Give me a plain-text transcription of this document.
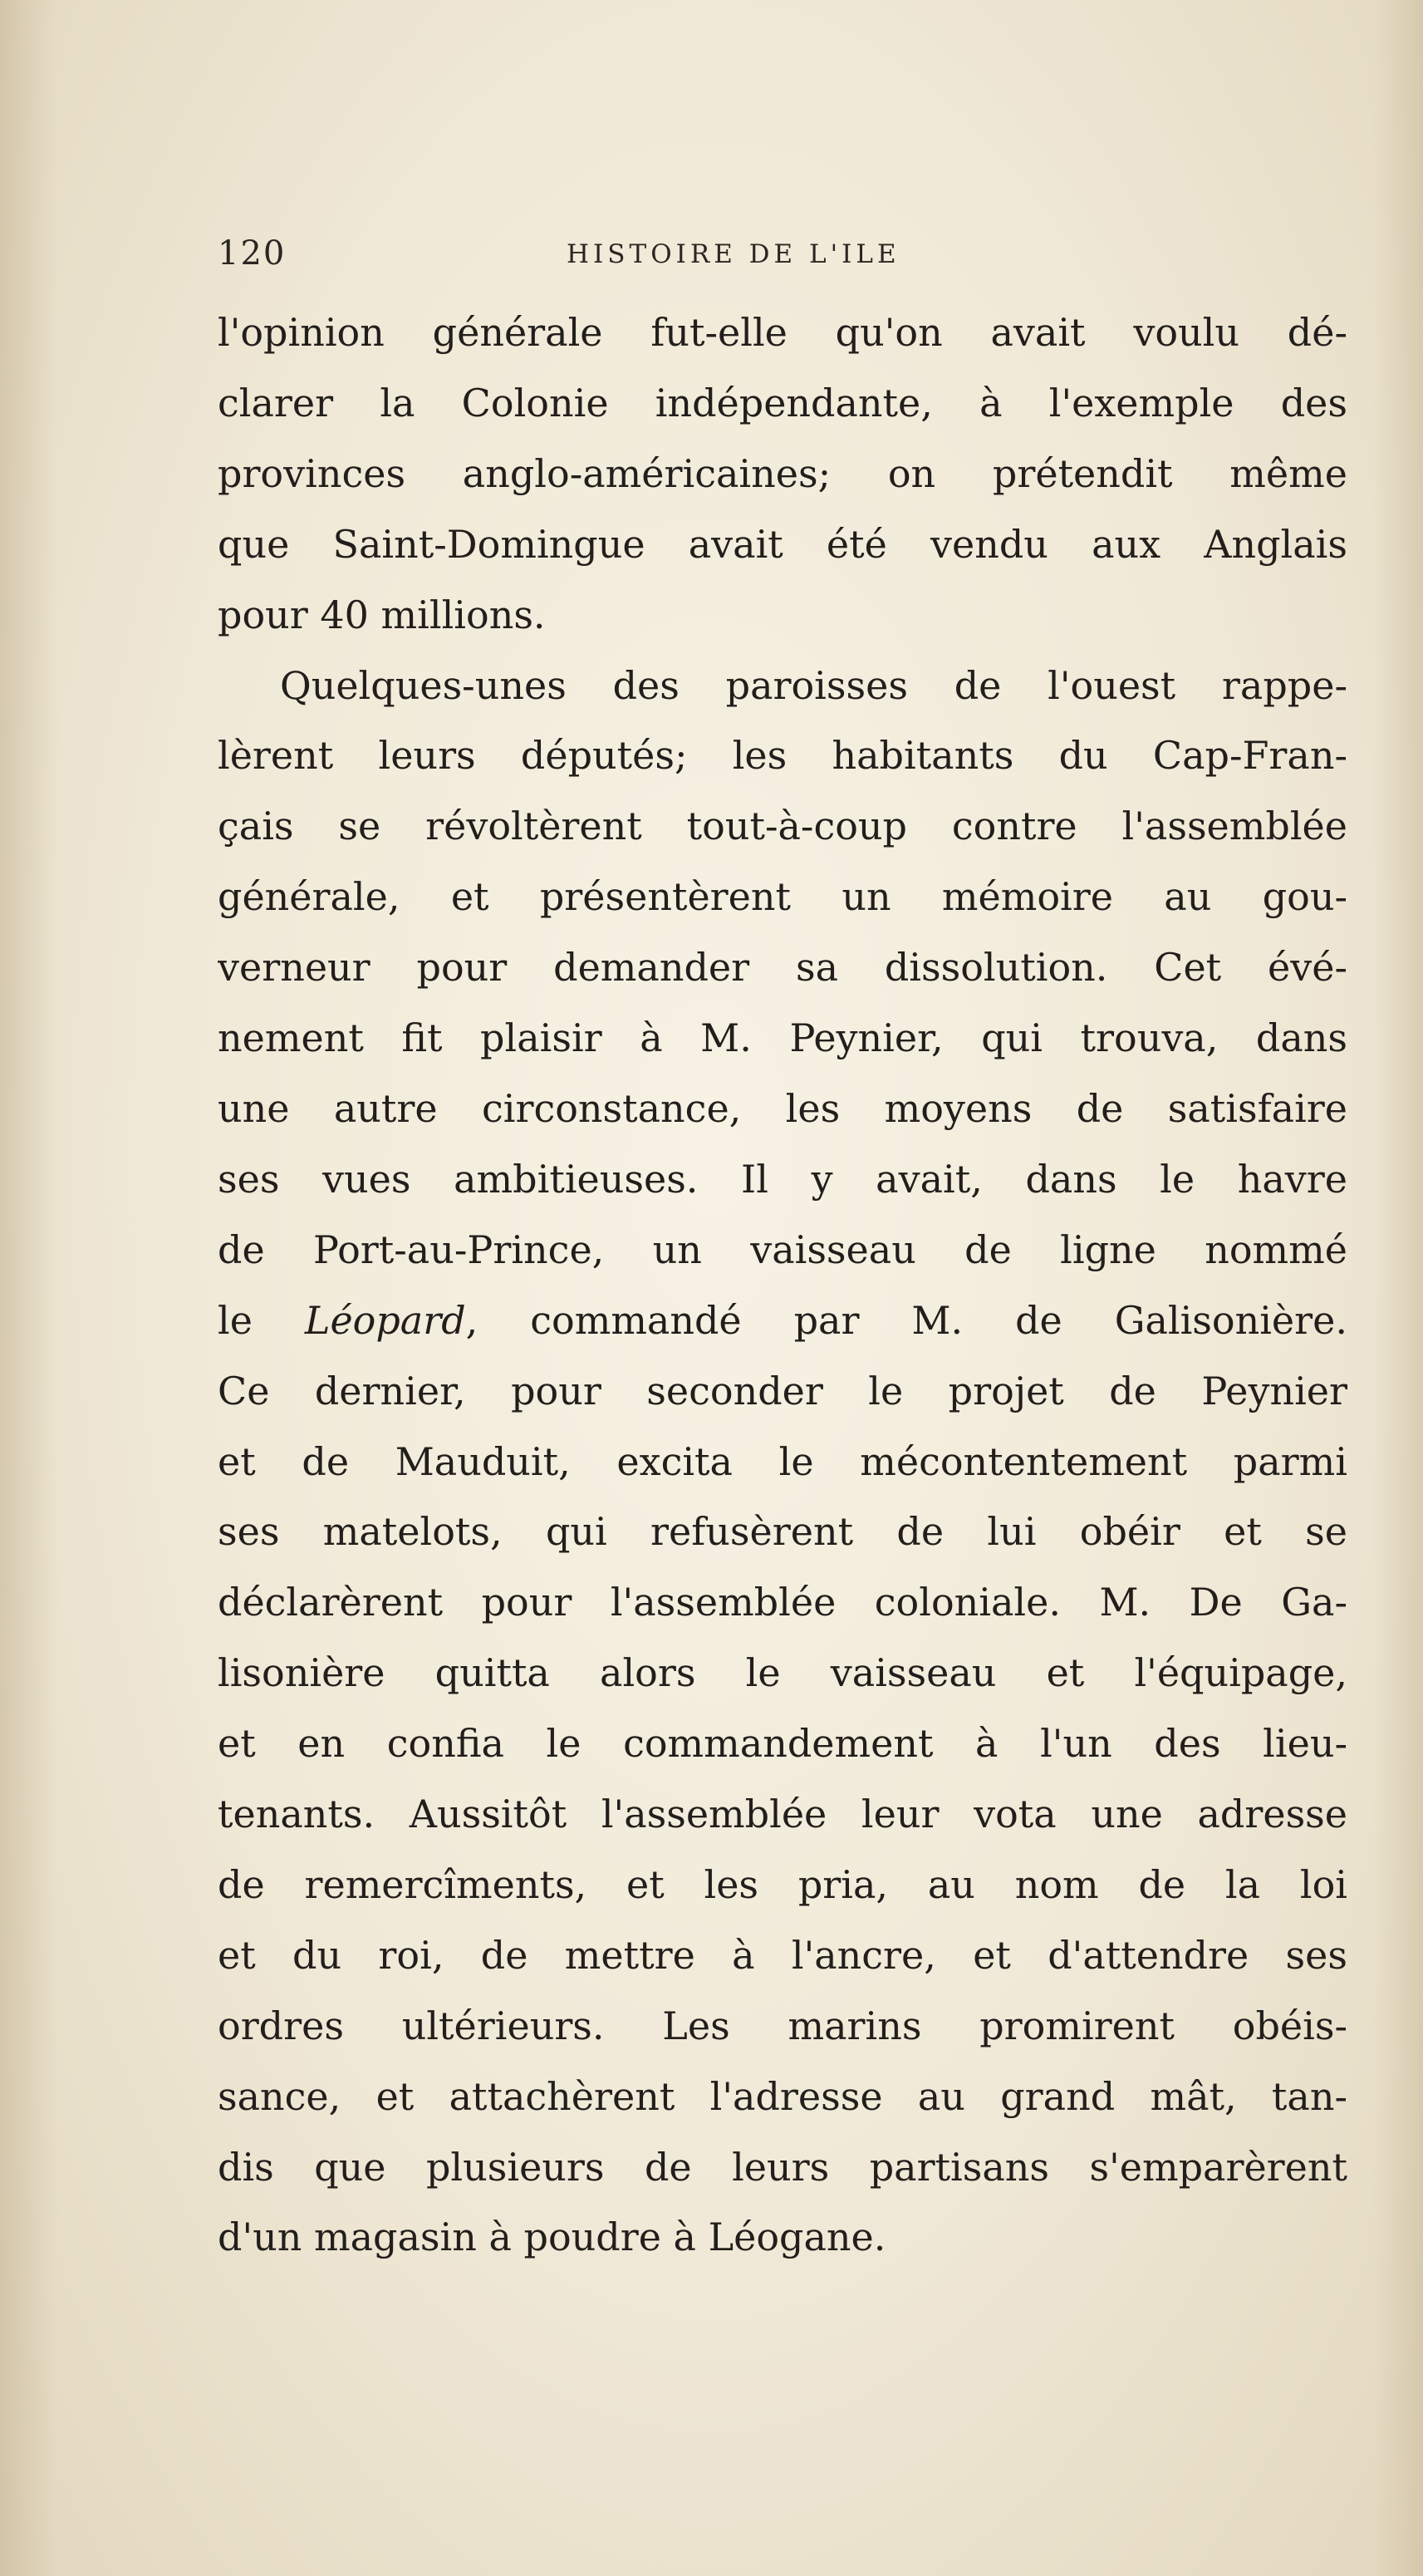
120	HISTOIRE DE L'ILE

l'opinion générale fut-elle qu'on avait voulu dé-
clarer la Colonie indépendante, à l'exemple des
provinces anglo-américaines; on prétendit même
que Saint-Domingue avait été vendu aux Anglais
pour 40 millions.

Quelques-unes des paroisses de l'ouest rappe-
lèrent leurs députés; les habitants du Cap-Fran-
çais se révoltèrent tout-à-coup contre l'assemblée
générale, et présentèrent un mémoire au gou-
verneur pour demander sa dissolution. Cet évé-
nement fit plaisir à M. Peynier, qui trouva, dans
une autre circonstance, les moyens de satisfaire
ses vues ambitieuses. Il y avait, dans le havre
de Port-au-Prince, un vaisseau de ligne nommé
le Léopard, commandé par M. de Galisonière.
Ce dernier, pour seconder le projet de Peynier
et de Mauduit, excita le mécontentement parmi
ses matelots, qui refusèrent de lui obéir et se
déclarèrent pour l'assemblée coloniale. M. De Ga-
lisonière quitta alors le vaisseau et l'équipage,
et en confia le commandement à l'un des lieu-
tenants. Aussitôt l'assemblée leur vota une adresse
de remercîments, et les pria, au nom de la loi
et du roi, de mettre à l'ancre, et d'attendre ses
ordres ultérieurs. Les marins promirent obéis-
sance, et attachèrent l'adresse au grand mât, tan-
dis que plusieurs de leurs partisans s'emparèrent
d'un magasin à poudre à Léogane.
